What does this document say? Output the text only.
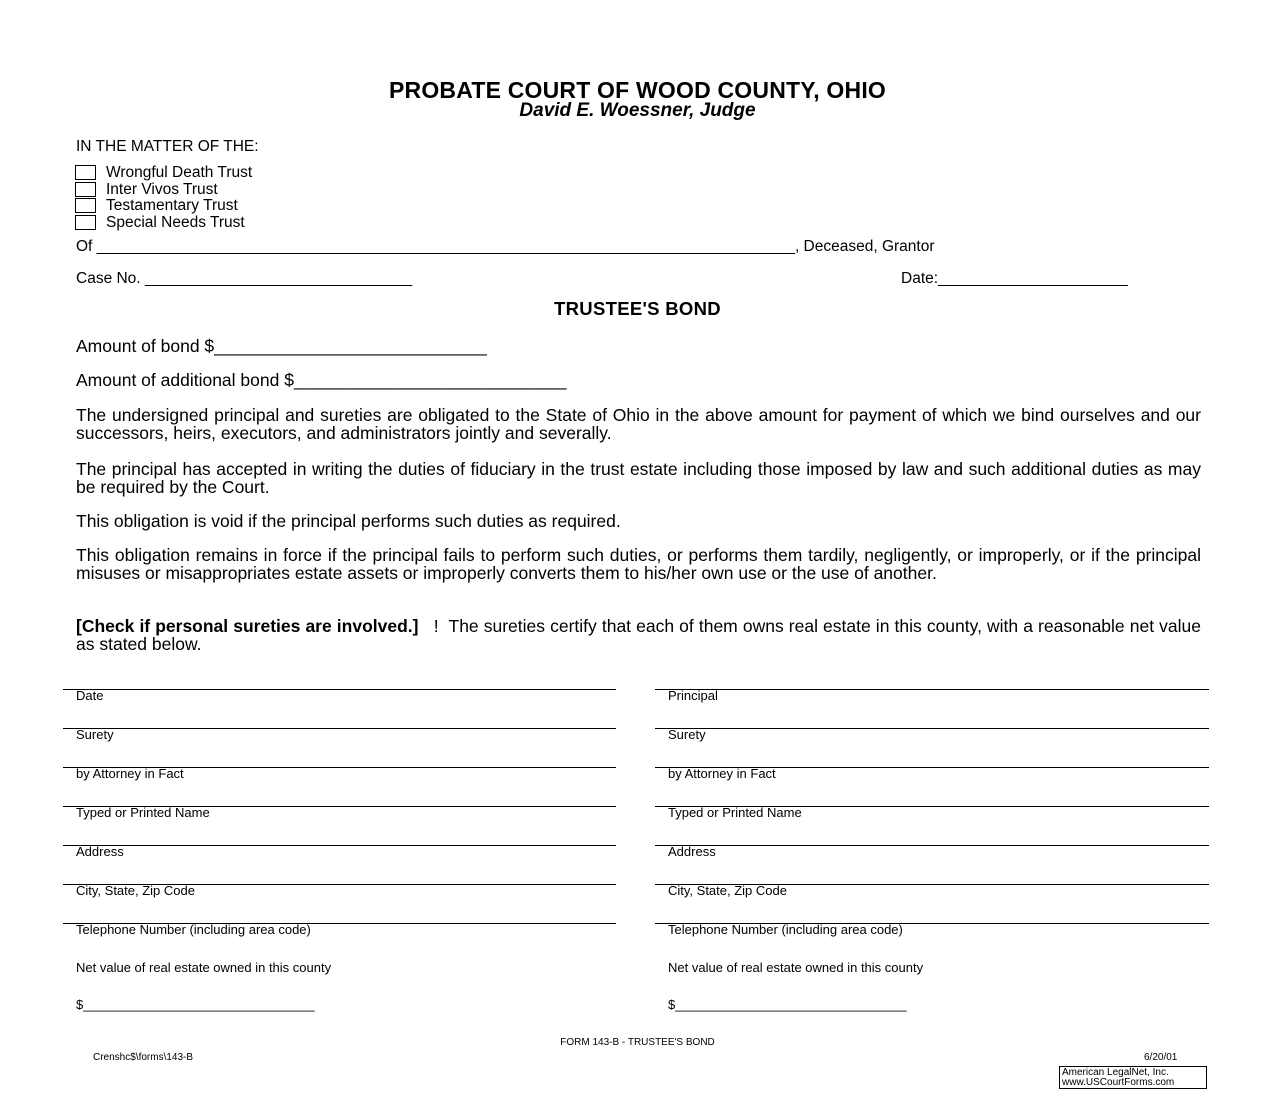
PROBATE COURT OF WOOD COUNTY, OHIO
David E. Woessner, Judge
IN THE MATTER OF THE:
Wrongful Death Trust
Inter Vivos Trust
Testamentary Trust
Special Needs Trust
Of _________________________________________________________________________________, Deceased, Grantor
Case No. _______________________________	Date:______________________
TRUSTEE'S BOND
Amount of bond $____________________________
Amount of additional bond $____________________________
The undersigned principal and sureties are obligated to the State of Ohio in the above amount for payment of which we bind ourselves and our successors, heirs, executors, and administrators jointly and severally.
The principal has accepted in writing the duties of fiduciary in the trust estate including those imposed by law and such additional duties as may be required by the Court.
This obligation is void if the principal performs such duties as required.
This obligation remains in force if the principal fails to perform such duties, or performs them tardily, negligently, or improperly, or if the principal misuses or misappropriates estate assets or improperly converts them to his/her own use or the use of another.
[Check if personal sureties are involved.] ! The sureties certify that each of them owns real estate in this county, with a reasonable net value as stated below.
Date
Surety
by Attorney in Fact
Typed or Printed Name
Address
City, State, Zip Code
Telephone Number (including area code)
Net value of real estate owned in this county
$________________________________
Principal
Surety
by Attorney in Fact
Typed or Printed Name
Address
City, State, Zip Code
Telephone Number (including area code)
Net value of real estate owned in this county
$________________________________
FORM 143-B - TRUSTEE'S BOND
Crenshc$\forms\143-B	6/20/01
American LegalNet, Inc.
www.USCourtForms.com
